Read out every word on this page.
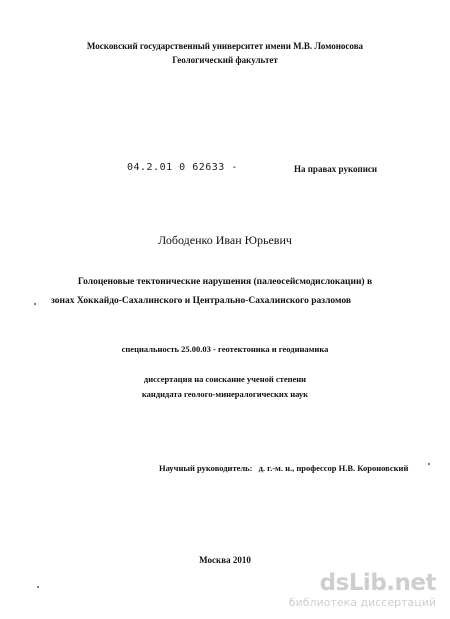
Московский государственный университет имени М.В. Ломоносова
Геологический факультет
04.2.01 0 62633 -	На правах рукописи
Лободенко Иван Юрьевич
Голоценовые тектонические нарушения (палеосейсмодислокации) в
зонах Хоккайдо-Сахалинского и Центрально-Сахалинского разломов
специальность 25.00.03 - геотектоника и геодинамика
диссертация на соискание ученой степени
кандидата геолого-минералогических наук
Научный руководитель: д. г.-м. н., профессор Н.В. Короновский
Москва 2010
dsLib.net
библиотека диссертаций
